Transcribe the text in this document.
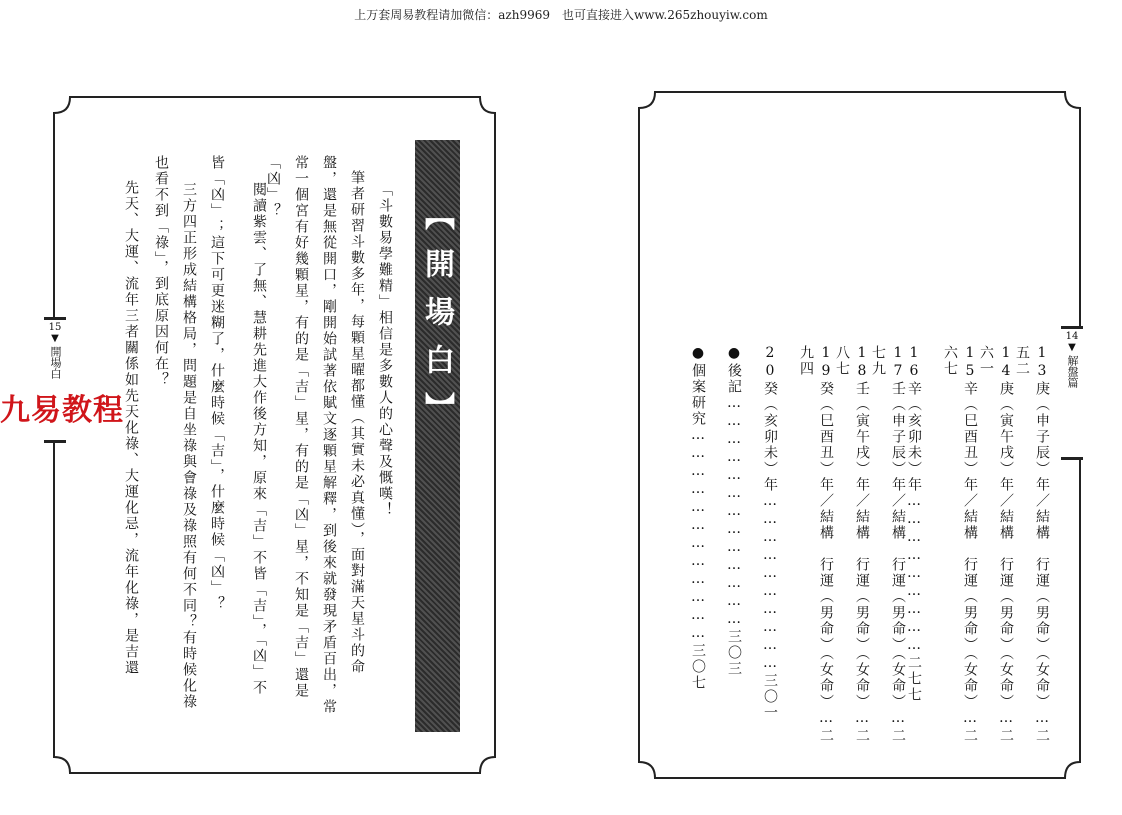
上万套周易教程请加微信：azh9969　也可直接进入www.265zhouyiw.com
15
▼
開場白	【開場白】
「斗數易學難精」相信是多數人的心聲及慨嘆！
筆者研習斗數多年，每顆星曜都懂（其實未必真懂），面對滿天星斗的命
盤，還是無從開口，剛開始試著依賦文逐顆星解釋，到後來就發現矛盾百出，常
常一個宮有好幾顆星，有的是「吉」星，有的是「凶」星，不知是「吉」還是
「凶」？
閱讀紫雲、了無、慧耕先進大作後方知，原來「吉」不皆「吉」，「凶」不
皆「凶」；這下可更迷糊了，什麼時候「吉」，什麼時候「凶」？
三方四正形成結構格局，問題是自坐祿與會祿及祿照有何不同？有時候化祿
也看不到「祿」，到底原因何在？
先天、大運、流年三者關係如先天化祿、大運化忌，流年化祿，是吉還
九易教程
14
▼
解盤篇
13庚（申子辰）年／結構　行運（男命）（女命）…二五二
14庚（寅午戌）年／結構　行運（男命）（女命）…二六一
15辛（巳酉丑）年／結構　行運（男命）（女命）…二六七
16辛（亥卯未）年………………………二七七
17壬（申子辰）年／結構　行運（男命）（女命）…二七九
18壬（寅午戌）年／結構　行運（男命）（女命）…二八七
19癸（巳酉丑）年／結構　行運（男命）（女命）…二九四
20癸（亥卯未）年…………………………三〇一
●後記…………………………………三〇三
●個案研究………………………………三〇七
